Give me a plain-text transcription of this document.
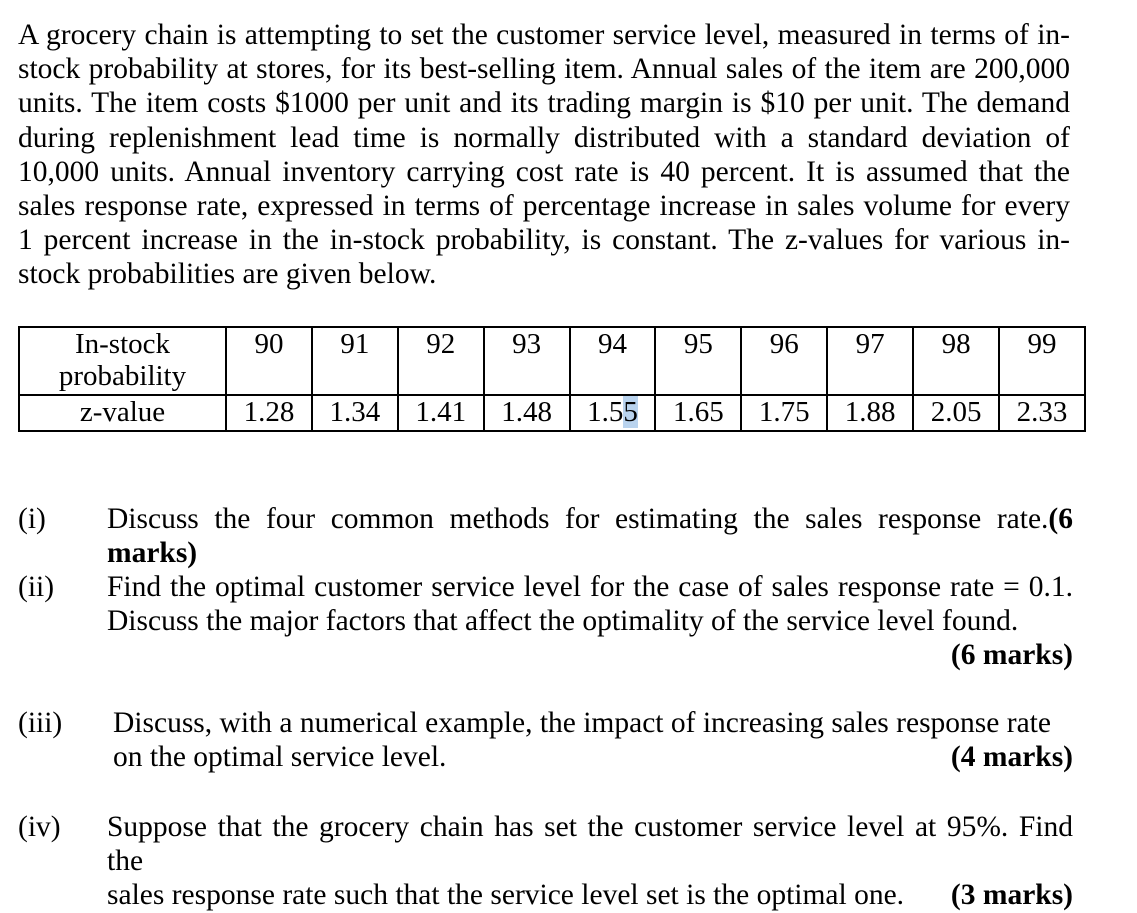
A grocery chain is attempting to set the customer service level, measured in terms of in-stock probability at stores, for its best-selling item. Annual sales of the item are 200,000 units. The item costs $1000 per unit and its trading margin is $10 per unit. The demand during replenishment lead time is normally distributed with a standard deviation of 10,000 units. Annual inventory carrying cost rate is 40 percent. It is assumed that the sales response rate, expressed in terms of percentage increase in sales volume for every 1 percent increase in the in-stock probability, is constant. The z-values for various in-stock probabilities are given below.

In-stock probability	90	91	92	93	94	95	96	97	98	99
z-value	1.28	1.34	1.41	1.48	1.55	1.65	1.75	1.88	2.05	2.33
(i) Discuss the four common methods for estimating the sales response rate.(6 marks)
(ii) Find the optimal customer service level for the case of sales response rate = 0.1. Discuss the major factors that affect the optimality of the service level found.
(6 marks)
(iii) Discuss, with a numerical example, the impact of increasing sales response rate
on the optimal service level.	(4 marks)
(iv) Suppose that the grocery chain has set the customer service level at 95%. Find the
sales response rate such that the service level set is the optimal one. (3 marks)
